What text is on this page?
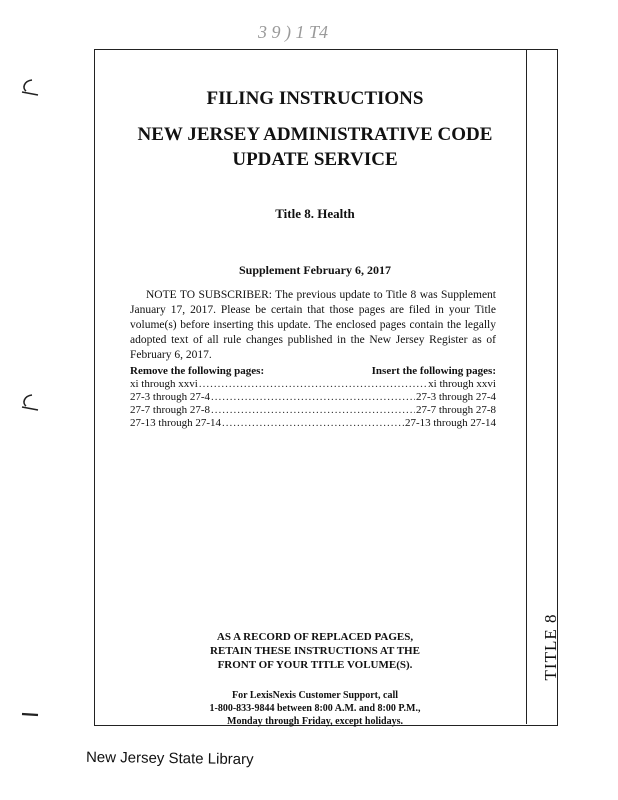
3 9 ) 1 T4
TITLE 8
FILING INSTRUCTIONS
NEW JERSEY ADMINISTRATIVE CODE
UPDATE SERVICE
Title 8. Health
Supplement February 6, 2017
NOTE TO SUBSCRIBER: The previous update to Title 8 was Supplement January 17, 2017. Please be certain that those pages are filed in your Title volume(s) before inserting this update. The enclosed pages contain the legally adopted text of all rule changes published in the New Jersey Register as of February 6, 2017.
Remove the following pages:	Insert the following pages:
xi through xxvi .....	xi through xxvi
27-3 through 27-4 .....	27-3 through 27-4
27-7 through 27-8 .....	27-7 through 27-8
27-13 through 27-14 .....	27-13 through 27-14
AS A RECORD OF REPLACED PAGES,
RETAIN THESE INSTRUCTIONS AT THE
FRONT OF YOUR TITLE VOLUME(S).
For LexisNexis Customer Support, call
1-800-833-9844 between 8:00 A.M. and 8:00 P.M.,
Monday through Friday, except holidays.
New Jersey State Library
